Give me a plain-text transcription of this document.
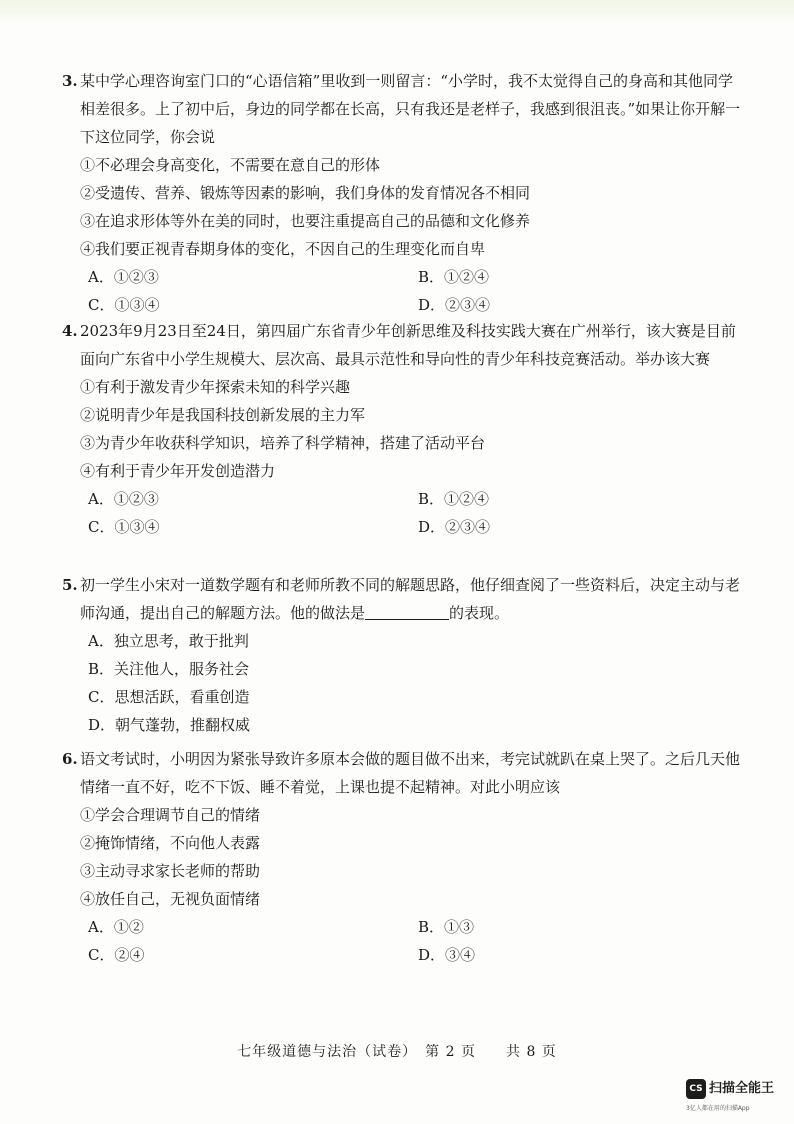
3. 某中学心理咨询室门口的“心语信箱”里收到一则留言：“小学时，我不太觉得自己的身高和其他同学相差很多。上了初中后，身边的同学都在长高，只有我还是老样子，我感到很沮丧。”如果让你开解一下这位同学，你会说
①不必理会身高变化，不需要在意自己的形体
②受遗传、营养、锻炼等因素的影响，我们身体的发育情况各不相同
③在追求形体等外在美的同时，也要注重提高自己的品德和文化修养
④我们要正视青春期身体的变化，不因自己的生理变化而自卑
A．①②③	B．①②④
C．①③④	D．②③④
4. 2023年9月23日至24日，第四届广东省青少年创新思维及科技实践大赛在广州举行，该大赛是目前面向广东省中小学生规模大、层次高、最具示范性和导向性的青少年科技竞赛活动。举办该大赛
①有利于激发青少年探索未知的科学兴趣
②说明青少年是我国科技创新发展的主力军
③为青少年收获科学知识，培养了科学精神，搭建了活动平台
④有利于青少年开发创造潜力
A．①②③	B．①②④
C．①③④	D．②③④
5. 初一学生小宋对一道数学题有和老师所教不同的解题思路，他仔细查阅了一些资料后，决定主动与老师沟通，提出自己的解题方法。他的做法是	的表现。
A．独立思考，敢于批判
B．关注他人，服务社会
C．思想活跃，看重创造
D．朝气蓬勃，推翻权威
6. 语文考试时，小明因为紧张导致许多原本会做的题目做不出来，考完试就趴在桌上哭了。之后几天他情绪一直不好，吃不下饭、睡不着觉，上课也提不起精神。对此小明应该
①学会合理调节自己的情绪
②掩饰情绪，不向他人表露
③主动寻求家长老师的帮助
④放任自己，无视负面情绪
A．①②	B．①③
C．②④	D．③④
七年级道德与法治（试卷）　第 2 页　　共 8 页
CS 扫描全能王
3亿人都在用的扫描App
